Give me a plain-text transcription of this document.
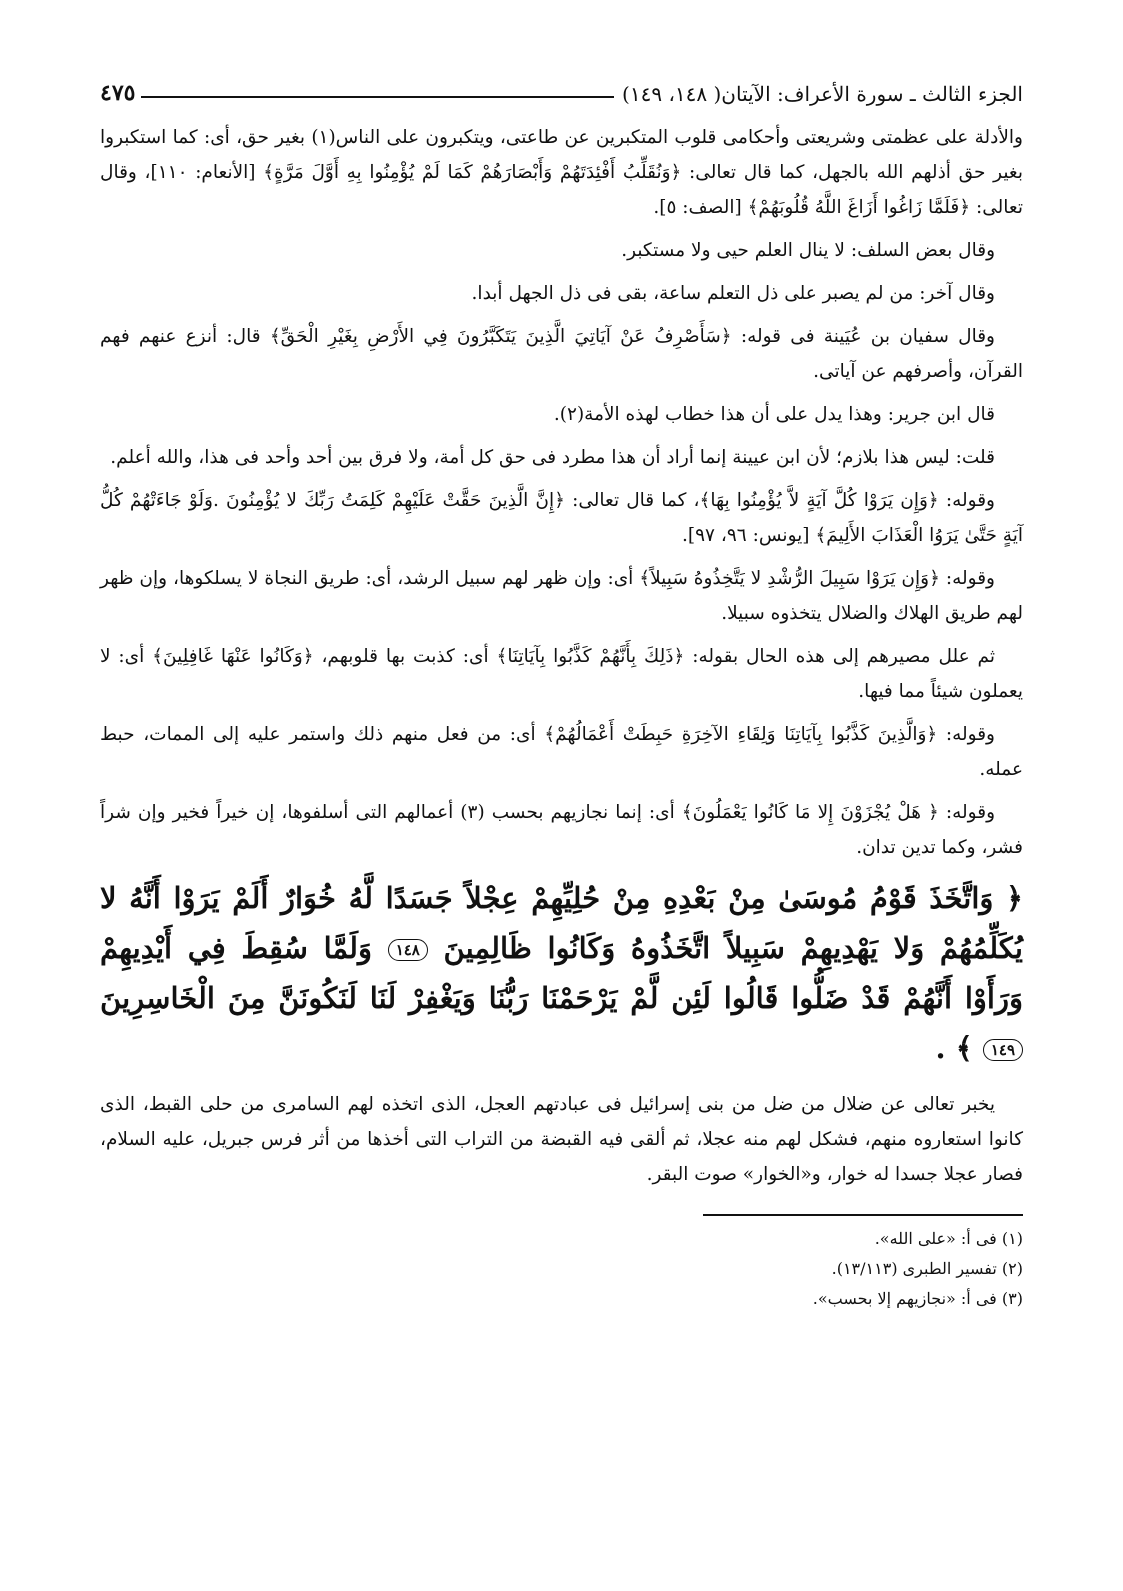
الجزء الثالث ـ سورة الأعراف: الآيتان( ١٤٨، ١٤٩)
٤٧٥

والأدلة على عظمتى وشريعتى وأحكامى قلوب المتكبرين عن طاعتى، ويتكبرون على الناس(١) بغير حق، أى: كما استكبروا بغير حق أذلهم الله بالجهل، كما قال تعالى: ﴿وَنُقَلِّبُ أَفْئِدَتَهُمْ وَأَبْصَارَهُمْ كَمَا لَمْ يُؤْمِنُوا بِهِ أَوَّلَ مَرَّةٍ﴾ [الأنعام: ١١٠]، وقال تعالى: ﴿فَلَمَّا زَاغُوا أَزَاغَ اللَّهُ قُلُوبَهُمْ﴾ [الصف: ٥].

وقال بعض السلف: لا ينال العلم حيى ولا مستكبر.

وقال آخر: من لم يصبر على ذل التعلم ساعة، بقى فى ذل الجهل أبدا.

وقال سفيان بن عُيَينة فى قوله: ﴿سَأَصْرِفُ عَنْ آيَاتِيَ الَّذِينَ يَتَكَبَّرُونَ فِي الأَرْضِ بِغَيْرِ الْحَقِّ﴾ قال: أنزع عنهم فهم القرآن، وأصرفهم عن آياتى.

قال ابن جرير: وهذا يدل على أن هذا خطاب لهذه الأمة(٢).

قلت: ليس هذا بلازم؛ لأن ابن عيينة إنما أراد أن هذا مطرد فى حق كل أمة، ولا فرق بين أحد وأحد فى هذا، والله أعلم.

وقوله: ﴿وَإِن يَرَوْا كُلَّ آيَةٍ لاَّ يُؤْمِنُوا بِهَا﴾، كما قال تعالى: ﴿إِنَّ الَّذِينَ حَقَّتْ عَلَيْهِمْ كَلِمَتُ رَبِّكَ لا يُؤْمِنُونَ .وَلَوْ جَاءَتْهُمْ كُلُّ آيَةٍ حَتَّىٰ يَرَوُا الْعَذَابَ الأَلِيمَ﴾ [يونس: ٩٦، ٩٧].

وقوله: ﴿وَإِن يَرَوْا سَبِيلَ الرُّشْدِ لا يَتَّخِذُوهُ سَبِيلاً﴾ أى: وإن ظهر لهم سبيل الرشد، أى: طريق النجاة لا يسلكوها، وإن ظهر لهم طريق الهلاك والضلال يتخذوه سبيلا.

ثم علل مصيرهم إلى هذه الحال بقوله: ﴿ذَلِكَ بِأَنَّهُمْ كَذَّبُوا بِآيَاتِنَا﴾ أى: كذبت بها قلوبهم، ﴿وَكَانُوا عَنْهَا غَافِلِينَ﴾ أى: لا يعملون شيئاً مما فيها.

وقوله: ﴿وَالَّذِينَ كَذَّبُوا بِآيَاتِنَا وَلِقَاءِ الآخِرَةِ حَبِطَتْ أَعْمَالُهُمْ﴾ أى: من فعل منهم ذلك واستمر عليه إلى الممات، حبط عمله.

وقوله: ﴿ هَلْ يُجْزَوْنَ إِلا مَا كَانُوا يَعْمَلُونَ﴾ أى: إنما نجازيهم بحسب (٣) أعمالهم التى أسلفوها، إن خيراً فخير وإن شراً فشر، وكما تدين تدان.

﴿ وَاتَّخَذَ قَوْمُ مُوسَىٰ مِنْ بَعْدِهِ مِنْ حُلِيِّهِمْ عِجْلاً جَسَدًا لَّهُ خُوَارٌ أَلَمْ يَرَوْا أَنَّهُ لا يُكَلِّمُهُمْ وَلا يَهْدِيهِمْ سَبِيلاً اتَّخَذُوهُ وَكَانُوا ظَالِمِينَ ١٤٨ وَلَمَّا سُقِطَ فِي أَيْدِيهِمْ وَرَأَوْا أَنَّهُمْ قَدْ ضَلُّوا قَالُوا لَئِن لَّمْ يَرْحَمْنَا رَبُّنَا وَيَغْفِرْ لَنَا لَنَكُونَنَّ مِنَ الْخَاسِرِينَ ١٤٩ ﴾ .

يخبر تعالى عن ضلال من ضل من بنى إسرائيل فى عبادتهم العجل، الذى اتخذه لهم السامرى من حلى القبط، الذى كانوا استعاروه منهم، فشكل لهم منه عجلا، ثم ألقى فيه القبضة من التراب التى أخذها من أثر فرس جبريل، عليه السلام، فصار عجلا جسدا له خوار، و«الخوار» صوت البقر.

(١) فى أ: «على الله».
(٢) تفسير الطبرى (١٣/١١٣).
(٣) فى أ: «نجازيهم إلا بحسب».
